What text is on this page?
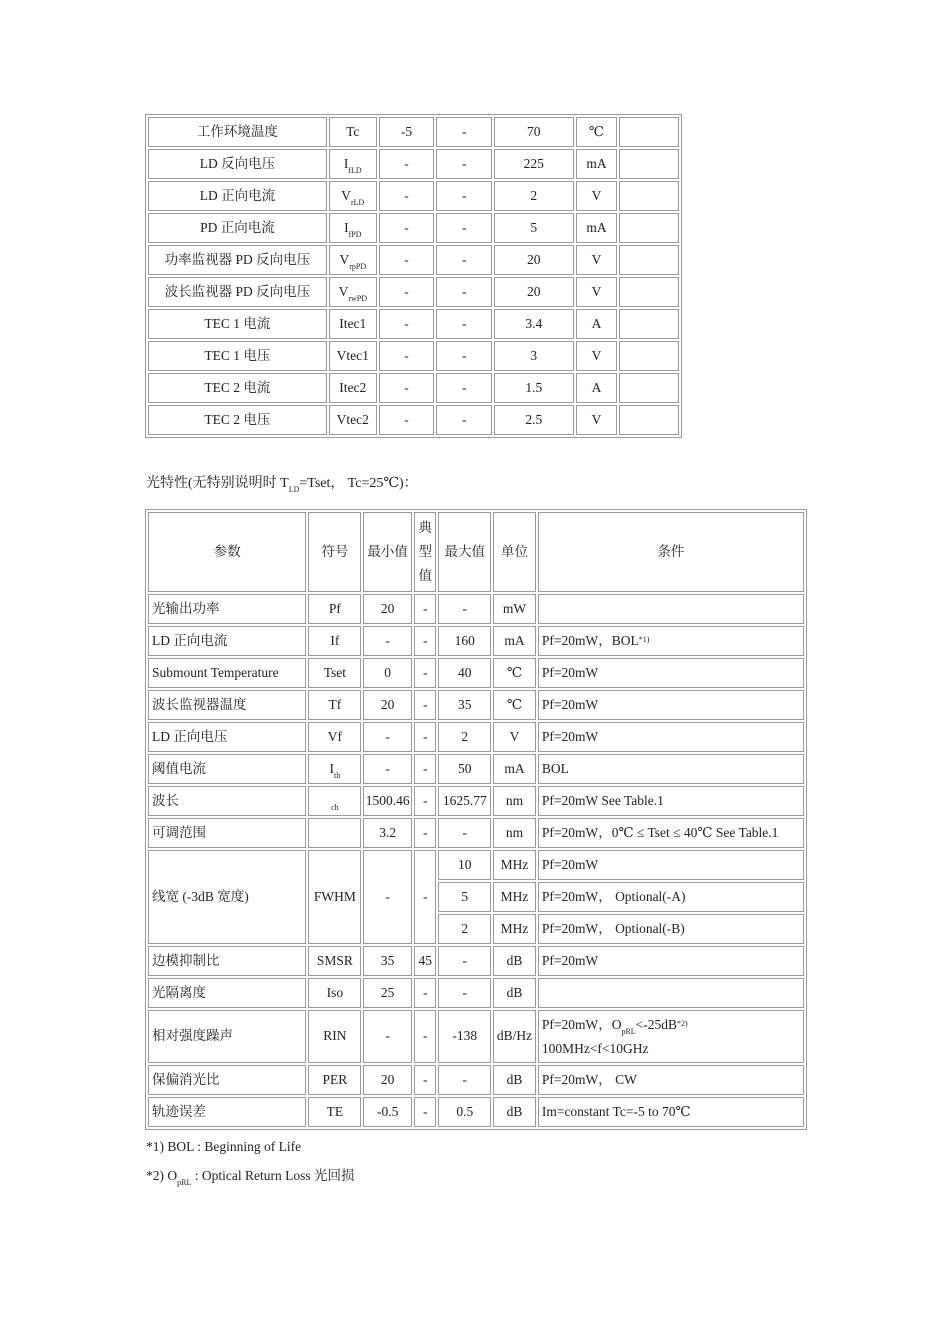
工作环境温度	Tc	-5	-	70	℃	
LD 反向电压	$I_{fLD}$	-	-	225	mA	
LD 正向电流	$V_{rLD}$	-	-	2	V	
PD 正向电流	$I_{fPD}$	-	-	5	mA	
功率监视器 PD 反向电压	$V_{rpPD}$	-	-	20	V	
波长监视器 PD 反向电压	$V_{rwPD}$	-	-	20	V	
TEC 1 电流	Itec1	-	-	3.4	A	
TEC 1 电压	Vtec1	-	-	3	V	
TEC 2 电流	Itec2	-	-	1.5	A	
TEC 2 电压	Vtec2	-	-	2.5	V	
光特性(无特别说明时 $T_{LD}=Tset$， Tc=25℃)：
参数	符号	最小值	典
型
值	最大值	单位	条件
光输出功率	Pf	20	-	-	mW	
LD 正向电流	If	-	-	160	mA	Pf=20mW，BOL$^{*1)}$
Submount Temperature	Tset	0	-	40	℃	Pf=20mW
波长监视器温度	Tf	20	-	35	℃	Pf=20mW
LD 正向电压	Vf	-	-	2	V	Pf=20mW
阈值电流	$I_{th}$	-	-	50	mA	BOL
波长	$_{ch}$	1500.46	-	1625.77	nm	Pf=20mW See Table.1
可调范围		3.2	-	-	nm	Pf=20mW，0℃ ≤ Tset ≤ 40℃ See Table.1
线宽 (-3dB 宽度)	FWHM	-	-	10	MHz	Pf=20mW
				5	MHz	Pf=20mW， Optional(-A)
				2	MHz	Pf=20mW， Optional(-B)
边模抑制比	SMSR	35	45	-	dB	Pf=20mW
光隔离度	Iso	25	-	-	dB	
相对强度躁声	RIN	-	-	-138	dB/Hz	Pf=20mW，$O_{pRL}<-25dB^{*2)}$
100MHz<f<10GHz
保偏消光比	PER	20	-	-	dB	Pf=20mW， CW
轨迹误差	TE	-0.5	-	0.5	dB	Im=constant Tc=-5 to 70℃
*1) BOL : Beginning of Life
*2) $O_{pRL}$ : Optical Return Loss 光回损
